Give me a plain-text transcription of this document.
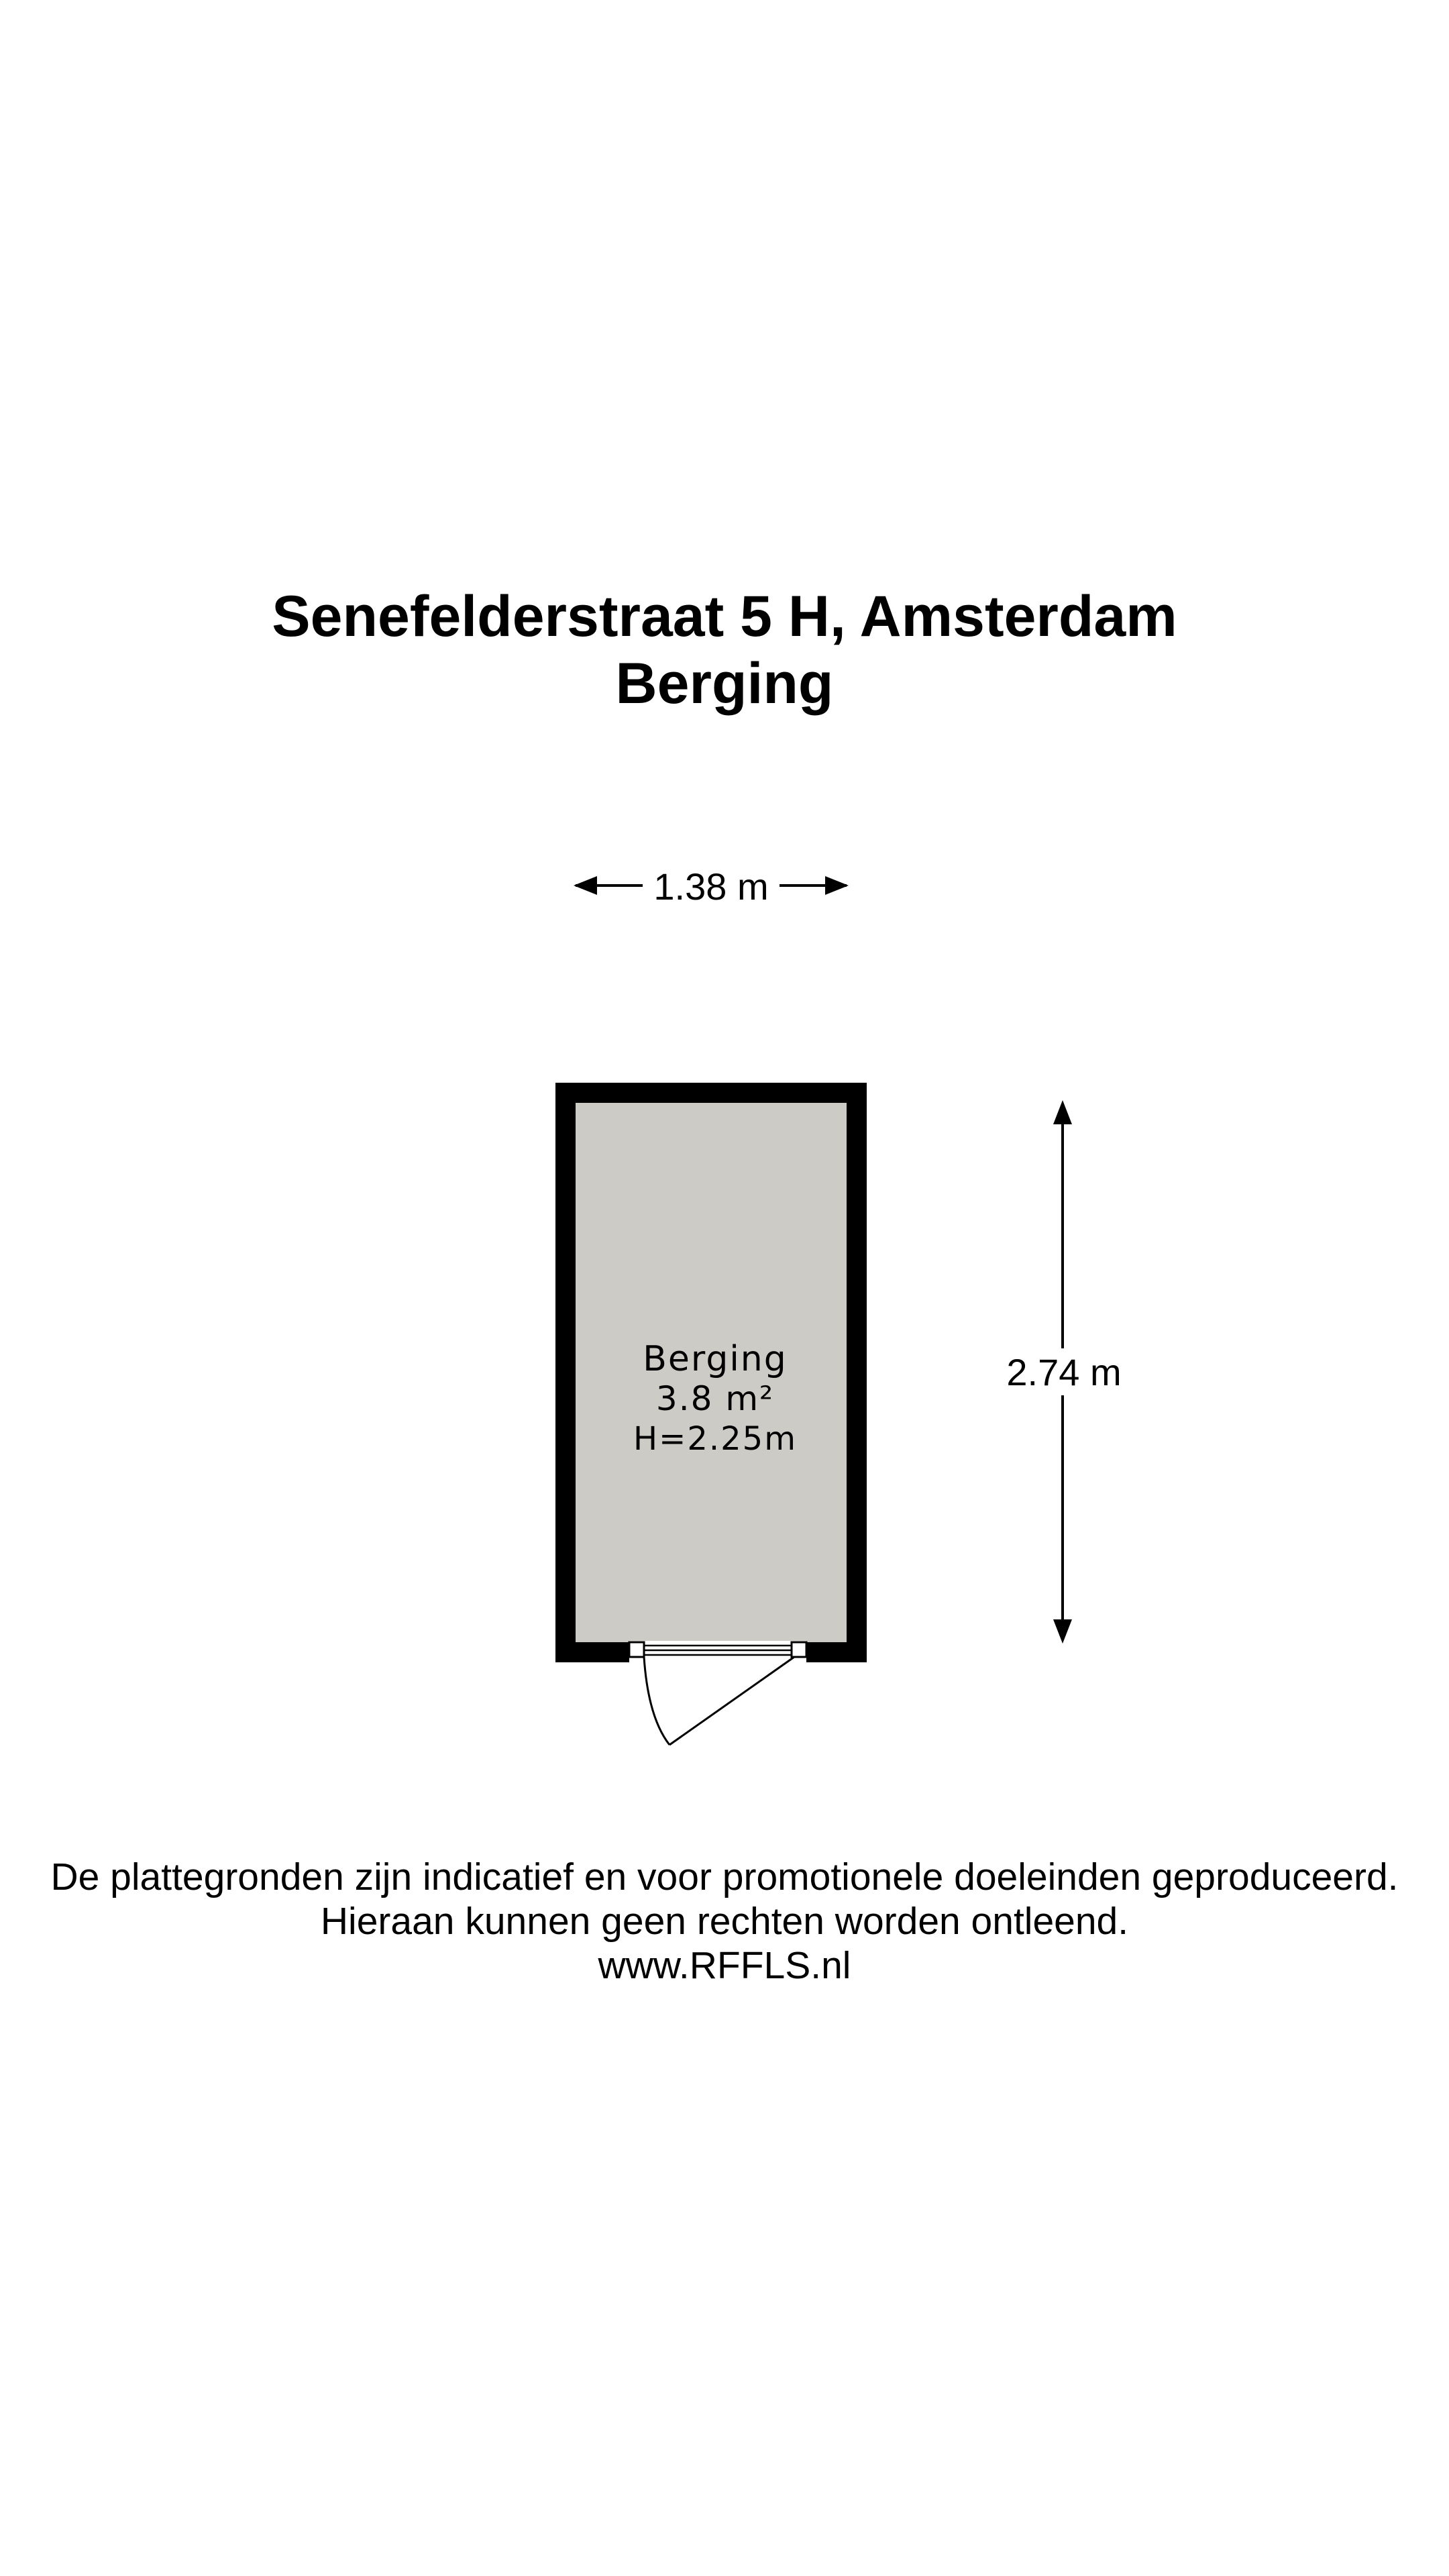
Senefelderstraat 5 H, Amsterdam
Berging
1.38 m
2.74 m
Berging
3.8 m²
H=2.25m
De plattegronden zijn indicatief en voor promotionele doeleinden geproduceerd.
Hieraan kunnen geen rechten worden ontleend.
www.RFFLS.nl
